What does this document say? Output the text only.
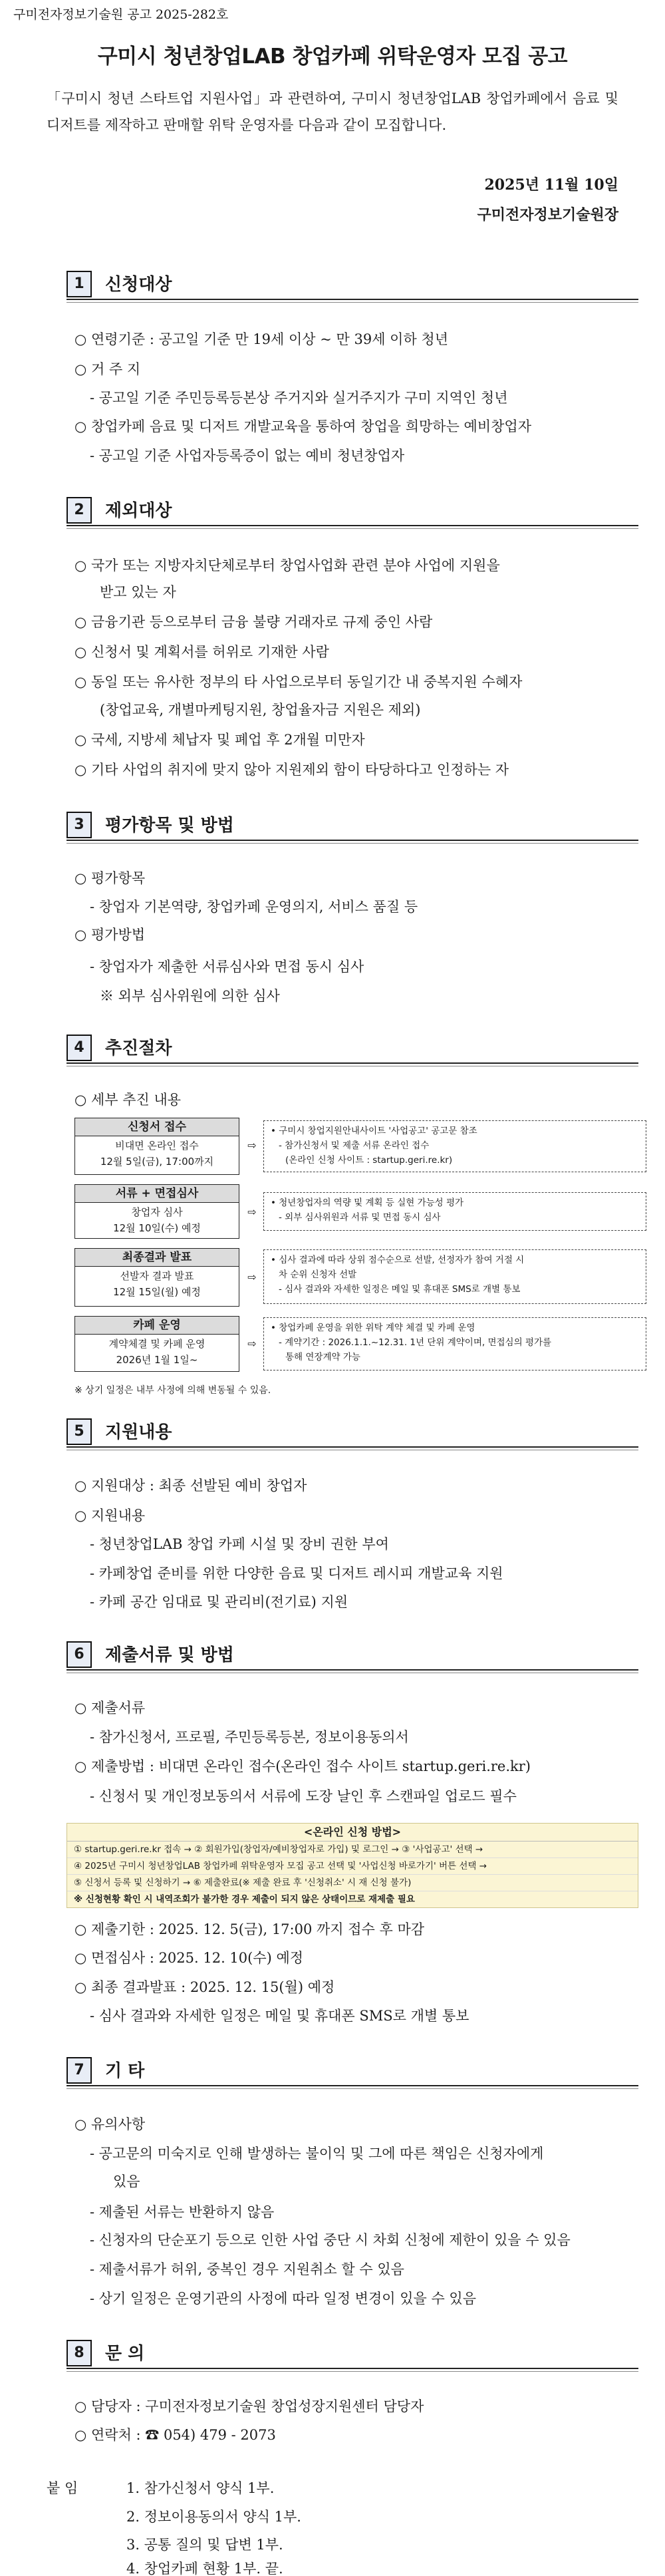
구미전자정보기술원 공고 2025-282호
구미시 청년창업LAB 창업카페 위탁운영자 모집 공고
「구미시 청년 스타트업 지원사업」과 관련하여, 구미시 청년창업LAB 창업카페에서 음료 및 디저트를 제작하고 판매할 위탁 운영자를 다음과 같이 모집합니다.
2025년 11월 10일
구미전자정보기술원장
1	신청대상
○ 연령기준 : 공고일 기준 만 19세 이상 ~ 만 39세 이하 청년
○ 거 주 지
- 공고일 기준 주민등록등본상 주거지와 실거주지가 구미 지역인 청년
○ 창업카페 음료 및 디저트 개발교육을 통하여 창업을 희망하는 예비창업자
- 공고일 기준 사업자등록증이 없는 예비 청년창업자
2	제외대상
○ 국가 또는 지방자치단체로부터 창업사업화 관련 분야 사업에 지원을
받고 있는 자
○ 금융기관 등으로부터 금융 불량 거래자로 규제 중인 사람
○ 신청서 및 계획서를 허위로 기재한 사람
○ 동일 또는 유사한 정부의 타 사업으로부터 동일기간 내 중복지원 수혜자
(창업교육, 개별마케팅지원, 창업율자금 지원은 제외)
○ 국세, 지방세 체납자 및 폐업 후 2개월 미만자
○ 기타 사업의 취지에 맞지 않아 지원제외 함이 타당하다고 인정하는 자
3	평가항목 및 방법
○ 평가항목
- 창업자 기본역량, 창업카페 운영의지, 서비스 품질 등
○ 평가방법
- 창업자가 제출한 서류심사와 면접 동시 심사
※ 외부 심사위원에 의한 심사
4	추진절차
○ 세부 추진 내용
신청서 접수
비대면 온라인 접수
12월 5일(금), 17:00까지
⇨
• 구미시 창업지원안내사이트 '사업공고' 공고문 참조
- 참가신청서 및 제출 서류 온라인 접수
(온라인 신청 사이트 : startup.geri.re.kr)
서류 + 면접심사
창업자 심사
12월 10일(수) 예정
⇨
• 청년창업자의 역량 및 계획 등 실현 가능성 평가
- 외부 심사위원과 서류 및 면접 동시 심사
최종결과 발표
선발자 결과 발표
12월 15일(월) 예정
⇨
• 심사 결과에 따라 상위 점수순으로 선발, 선정자가 참여 거절 시
차 순위 신청자 선발
- 심사 결과와 자세한 일정은 메일 및 휴대폰 SMS로 개별 통보
카페 운영
계약체결 및 카페 운영
2026년 1월 1일~
⇨
• 창업카페 운영을 위한 위탁 계약 체결 및 카페 운영
- 계약기간 : 2026.1.1.~12.31. 1년 단위 계약이며, 면접심의 평가를
통해 연장계약 가능
※ 상기 일정은 내부 사정에 의해 변동될 수 있음.
5	지원내용
○ 지원대상 : 최종 선발된 예비 창업자
○ 지원내용
- 청년창업LAB 창업 카페 시설 및 장비 권한 부여
- 카페창업 준비를 위한 다양한 음료 및 디저트 레시피 개발교육 지원
- 카페 공간 임대료 및 관리비(전기료) 지원
6	제출서류 및 방법
○ 제출서류
- 참가신청서, 프로필, 주민등록등본, 정보이용동의서
○ 제출방법 : 비대면 온라인 접수(온라인 접수 사이트 startup.geri.re.kr)
- 신청서 및 개인정보동의서 서류에 도장 날인 후 스캔파일 업로드 필수
<온라인 신청 방법>
① startup.geri.re.kr 접속 → ② 회원가입(창업자/예비창업자로 가입) 및 로그인 → ③ '사업공고' 선택 →
④ 2025년 구미시 청년창업LAB 창업카페 위탁운영자 모집 공고 선택 및 '사업신청 바로가기' 버튼 선택 →
⑤ 신청서 등록 및 신청하기 → ⑥ 제출완료(※ 제출 완료 후 '신청취소' 시 재 신청 불가)
※ 신청현황 확인 시 내역조회가 불가한 경우 제출이 되지 않은 상태이므로 재제출 필요
○ 제출기한 : 2025. 12. 5(금), 17:00 까지 접수 후 마감
○ 면접심사 : 2025. 12. 10(수) 예정
○ 최종 결과발표 : 2025. 12. 15(월) 예정
- 심사 결과와 자세한 일정은 메일 및 휴대폰 SMS로 개별 통보
7	기 타
○ 유의사항
- 공고문의 미숙지로 인해 발생하는 불이익 및 그에 따른 책임은 신청자에게
있음
- 제출된 서류는 반환하지 않음
- 신청자의 단순포기 등으로 인한 사업 중단 시 차회 신청에 제한이 있을 수 있음
- 제출서류가 허위, 중복인 경우 지원취소 할 수 있음
- 상기 일정은 운영기관의 사정에 따라 일정 변경이 있을 수 있음
8	문 의
○ 담당자 : 구미전자정보기술원 창업성장지원센터 담당자
○ 연락처 : ☎ 054) 479 - 2073
붙 임	1. 참가신청서 양식 1부.
2. 정보이용동의서 양식 1부.
3. 공통 질의 및 답변 1부.
4. 창업카페 현황 1부. 끝.
